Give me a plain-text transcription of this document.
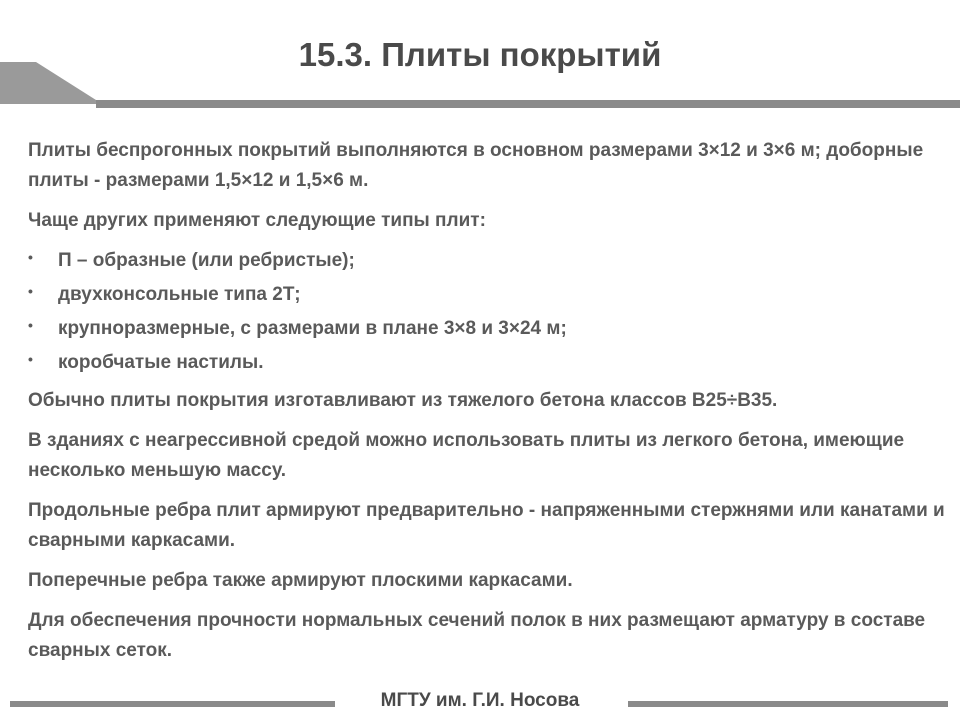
15.3. Плиты покрытий

Плиты беспрогонных покрытий выполняются в основном размерами 3×12 и 3×6 м; доборные плиты - размерами 1,5×12 и 1,5×6 м.

Чаще других применяют следующие типы плит:

• П – образные (или ребристые);
• двухконсольные типа 2Т;
• крупноразмерные, с размерами в плане 3×8 и 3×24 м;
• коробчатые настилы.

Обычно плиты покрытия изготавливают из тяжелого бетона классов В25÷В35.

В зданиях с неагрессивной средой можно использовать плиты из легкого бетона, имеющие несколько меньшую массу.

Продольные ребра плит армируют предварительно - напряженными стержнями или канатами и сварными каркасами.

Поперечные ребра также армируют плоскими каркасами.

Для обеспечения прочности нормальных сечений полок в них размещают арматуру в составе сварных сеток.

МГТУ им. Г.И. Носова
